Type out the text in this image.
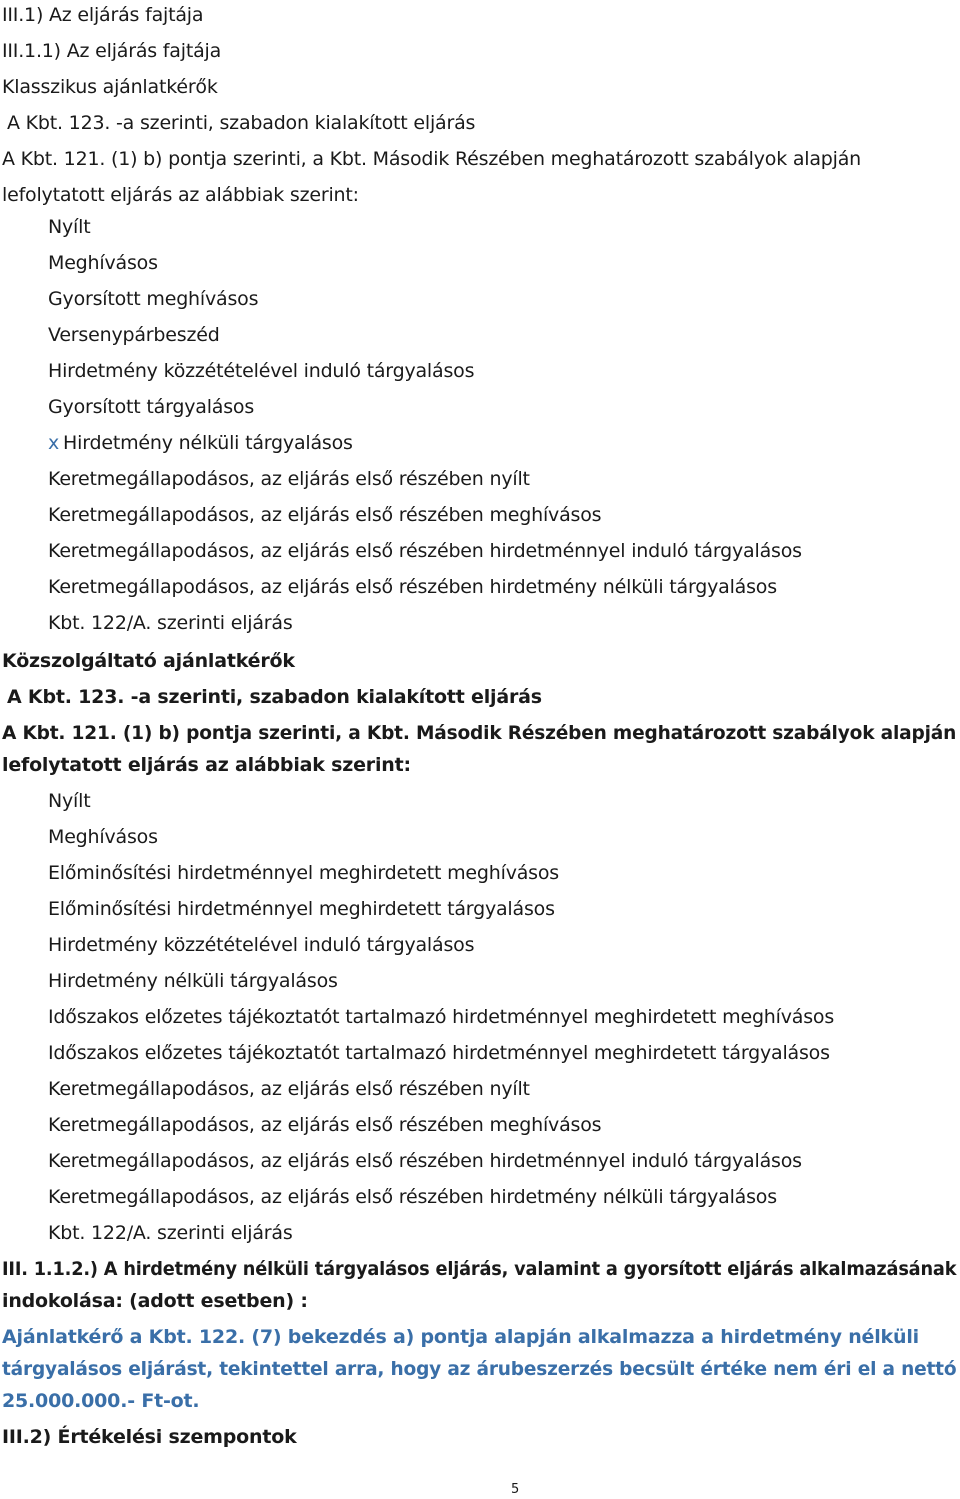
III.1) Az eljárás fajtája
III.1.1) Az eljárás fajtája
Klasszikus ajánlatkérők
A Kbt. 123. -a szerinti, szabadon kialakított eljárás
A Kbt. 121. (1) b) pontja szerinti, a Kbt. Második Részében meghatározott szabályok alapján
lefolytatott eljárás az alábbiak szerint:
Nyílt
Meghívásos
Gyorsított meghívásos
Versenypárbeszéd
Hirdetmény közzétételével induló tárgyalásos
Gyorsított tárgyalásos
x Hirdetmény nélküli tárgyalásos
Keretmegállapodásos, az eljárás első részében nyílt
Keretmegállapodásos, az eljárás első részében meghívásos
Keretmegállapodásos, az eljárás első részében hirdetménnyel induló tárgyalásos
Keretmegállapodásos, az eljárás első részében hirdetmény nélküli tárgyalásos
Kbt. 122/A. szerinti eljárás
Közszolgáltató ajánlatkérők
A Kbt. 123. -a szerinti, szabadon kialakított eljárás
A Kbt. 121. (1) b) pontja szerinti, a Kbt. Második Részében meghatározott szabályok alapján
lefolytatott eljárás az alábbiak szerint:
Nyílt
Meghívásos
Előminősítési hirdetménnyel meghirdetett meghívásos
Előminősítési hirdetménnyel meghirdetett tárgyalásos
Hirdetmény közzétételével induló tárgyalásos
Hirdetmény nélküli tárgyalásos
Időszakos előzetes tájékoztatót tartalmazó hirdetménnyel meghirdetett meghívásos
Időszakos előzetes tájékoztatót tartalmazó hirdetménnyel meghirdetett tárgyalásos
Keretmegállapodásos, az eljárás első részében nyílt
Keretmegállapodásos, az eljárás első részében meghívásos
Keretmegállapodásos, az eljárás első részében hirdetménnyel induló tárgyalásos
Keretmegállapodásos, az eljárás első részében hirdetmény nélküli tárgyalásos
Kbt. 122/A. szerinti eljárás
III. 1.1.2.) A hirdetmény nélküli tárgyalásos eljárás, valamint a gyorsított eljárás alkalmazásának
indokolása: (adott esetben) :
Ajánlatkérő a Kbt. 122. (7) bekezdés a) pontja alapján alkalmazza a hirdetmény nélküli
tárgyalásos eljárást, tekintettel arra, hogy az árubeszerzés becsült értéke nem éri el a nettó
25.000.000.- Ft-ot.
III.2) Értékelési szempontok
5
